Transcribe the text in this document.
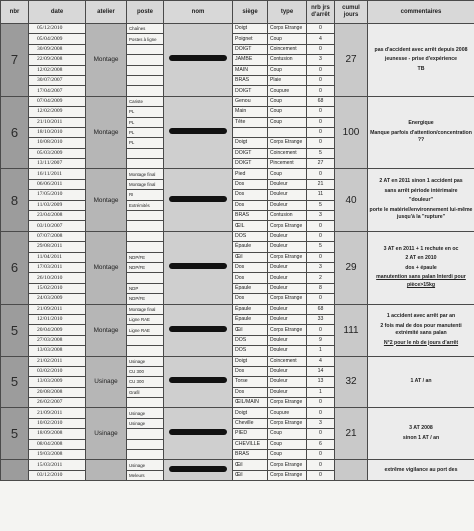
nbr	date	atelier	poste	nom	siège	type	nrb jrs d'arrêt	cumul jours	commentaires
7	05/12/2010	Montage	Chaînes		Doigt	Corps Etrange	0	27	pas d'accident avec arrêt depuis 2008

jeunesse - prise d'expérience

TB

	05/04/2009		Postes à ligne		Poignet	Coup	4		
	30/09/2008				DOIGT	Coincement	0		
	22/09/2008				JAMBE	Contusion	3		
	12/02/2008				MAIN	Coup	0		
	30/07/2007				BRAS	Plaie	0		
	17/04/2007				DOIGT	Coupure	0		
6	07/04/2009	Montage	Cariste		Genou	Coup	68	100	Energique

Manque parfois d'attention/concentration ??

	12/02/2009		PL		Main	Coup	0		
	21/10/2011		PL		Tête	Coup	0		
	18/10/2010		PL				0		
	10/08/2010		PL		Doigt	Corps Etrange	0		
	05/03/2009				DOIGT	Coincement	5		
	13/11/2007				DOIGT	Pincement	27		
8	16/11/2011	Montage	Montage final		Pied	Coup	0	40	2 AT en 2011 sinon 1 accident pas

sans arrêt période intérimaire

"douleur"

porte le matériel/environnement lui-même jusqu'à la "rupture"

	06/06/2011		Montage final		Dos	Douleur	21		
	17/05/2010		RI		Dos	Douleur	11		
	11/03/2009		Extrémités		Dos	Douleur	5		
	23/04/2008				BRAS	Contusion	3		
	03/10/2007				ŒIL	Corps Etrange	0		
6	07/07/2008	Montage			DOS	Douleur	0	29	3 AT en 2011 + 1 rechute en oc

2 AT en 2010

dos + épaule

manutention sans palan Interdi pour pièce>15kg

	29/08/2011				Épaule	Douleur	5		
	11/04/2011		NDP/FE		Œil	Corps Etrange	0		
	17/03/2011		NDP/FE		Dos	Douleur	3		
	26/10/2010				Dos	Douleur	2		
	15/02/2010		NDP		Épaule	Douleur	8		
	24/03/2009		NDP/FE		Dos	Corps Etrange	0		
5	21/09/2011	Montage	Montage final		Épaule	Douleur	68	111	1 accident avec arrêt par an

2 fois mal de dos pour manutenti extrémité sans palan

N°2 pour le nb de jours d'arrêt

	12/01/2010		Ligne RAE		Épaule	Douleur	33		
	20/04/2009		Ligne RAE		Œil	Corps Etrange	0		
	27/03/2008				DOS	Douleur	9		
	13/03/2008				DOS	Douleur	1		
5	21/02/2011	Usinage	Usinage		Doigt	Coincement	4	32	1 AT / an

	03/02/2010		CU 300		Dos	Douleur	14		
	13/03/2009		CU 300		Torse	Douleur	13		
	20/08/2008		Grafil		Dos	Douleur	1		
	26/02/2007				ŒIL/MAIN	Corps Etrange	0		
5	21/09/2011	Usinage	Usinage		Doigt	Coupure	0	21	3 AT 2008

sinon 1 AT / an

	10/02/2010		Usinage		Cheville	Corps Etrange	3		
	18/09/2008				PIED	Coup	0		
	08/04/2008				CHEVILLE	Coup	6		
	19/03/2008				BRAS	Coup	0		
	15/03/2011		Usinage		Œil	Corps Etrange	0		extrême vigilance au port des

	03/12/2010		Meleurs		Œil	Corps Etrange	0		
